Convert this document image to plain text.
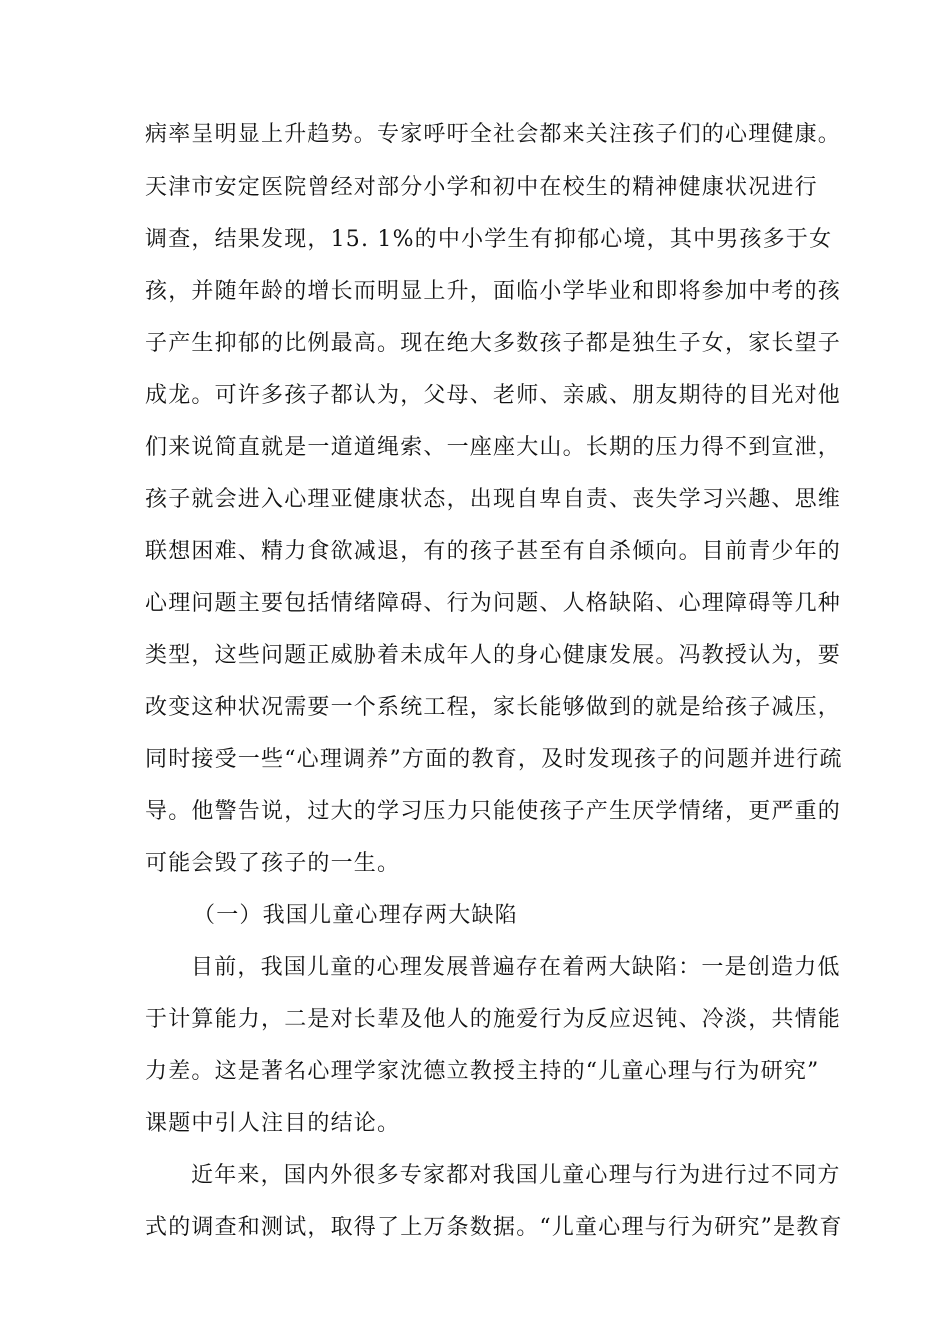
病率呈明显上升趋势。专家呼吁全社会都来关注孩子们的心理健康。
天津市安定医院曾经对部分小学和初中在校生的精神健康状况进行
调查，结果发现，15. 1%的中小学生有抑郁心境，其中男孩多于女
孩，并随年龄的增长而明显上升，面临小学毕业和即将参加中考的孩
子产生抑郁的比例最高。现在绝大多数孩子都是独生子女，家长望子
成龙。可许多孩子都认为，父母、老师、亲戚、朋友期待的目光对他
们来说简直就是一道道绳索、一座座大山。长期的压力得不到宣泄，
孩子就会进入心理亚健康状态，出现自卑自责、丧失学习兴趣、思维
联想困难、精力食欲减退，有的孩子甚至有自杀倾向。目前青少年的
心理问题主要包括情绪障碍、行为问题、人格缺陷、心理障碍等几种
类型，这些问题正威胁着未成年人的身心健康发展。冯教授认为，要
改变这种状况需要一个系统工程，家长能够做到的就是给孩子减压，
同时接受一些“心理调养”方面的教育，及时发现孩子的问题并进行疏
导。他警告说，过大的学习压力只能使孩子产生厌学情绪，更严重的
可能会毁了孩子的一生。
（一）我国儿童心理存两大缺陷
目前，我国儿童的心理发展普遍存在着两大缺陷：一是创造力低
于计算能力，二是对长辈及他人的施爱行为反应迟钝、冷淡，共情能
力差。这是著名心理学家沈德立教授主持的“儿童心理与行为研究”
课题中引人注目的结论。
近年来，国内外很多专家都对我国儿童心理与行为进行过不同方
式的调查和测试，取得了上万条数据。“儿童心理与行为研究”是教育
